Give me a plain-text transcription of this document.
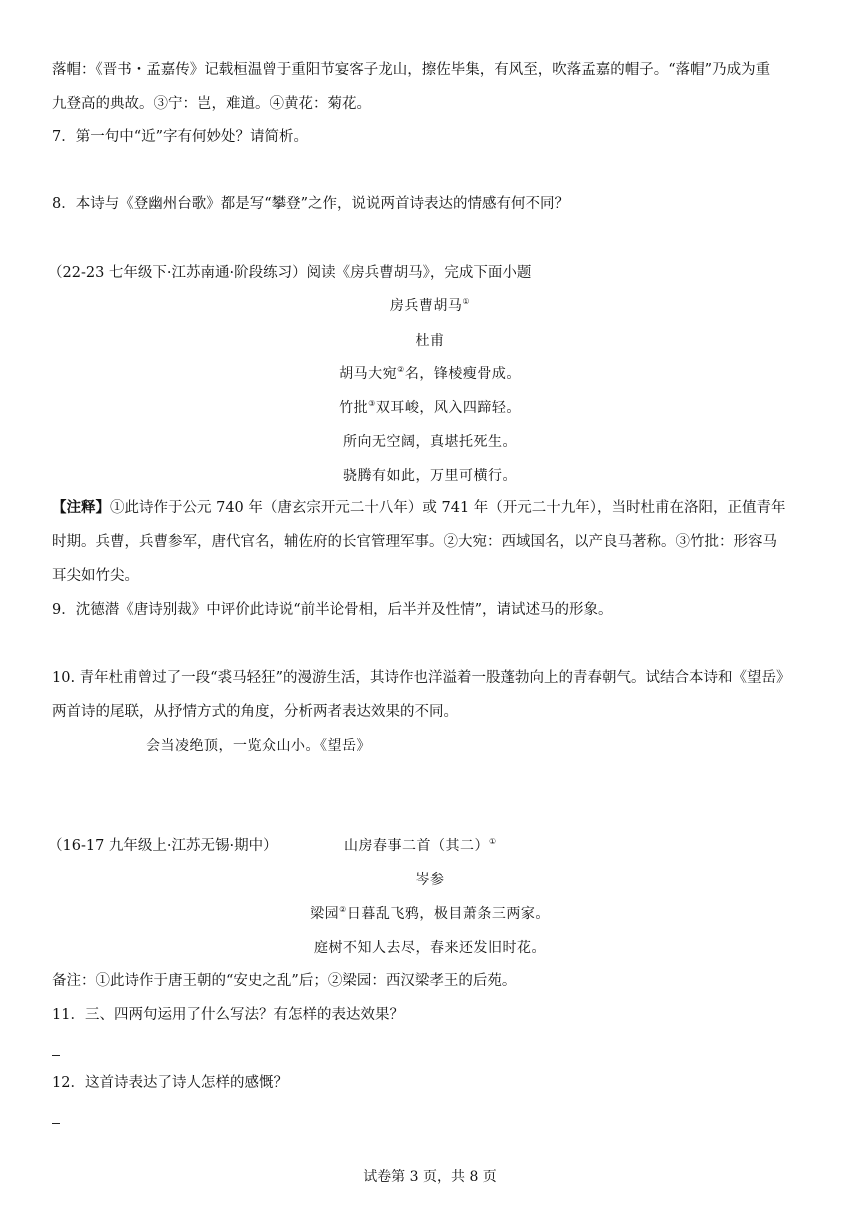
落帽：《晋书・孟嘉传》记载桓温曾于重阳节宴客子龙山，擦佐毕集，有风至，吹落孟嘉的帽子。“落帽”乃成为重
九登高的典故。③宁：岂，难道。④黄花：菊花。
7．第一句中“近”字有何妙处？请简析。
8．本诗与《登幽州台歌》都是写“攀登”之作，说说两首诗表达的情感有何不同？
（22-23 七年级下·江苏南通·阶段练习）阅读《房兵曹胡马》，完成下面小题
房兵曹胡马①
杜甫
胡马大宛②名，锋棱瘦骨成。
竹批③双耳峻，风入四蹄轻。
所向无空阔，真堪托死生。
骁腾有如此，万里可横行。
【注释】①此诗作于公元 740 年（唐玄宗开元二十八年）或 741 年（开元二十九年），当时杜甫在洛阳，正值青年
时期。兵曹，兵曹参军，唐代官名，辅佐府的长官管理军事。②大宛：西域国名，以产良马著称。③竹批：形容马
耳尖如竹尖。
9．沈德潜《唐诗别裁》中评价此诗说“前半论骨相，后半并及性情”，请试述马的形象。
10. 青年杜甫曾过了一段“裘马轻狂”的漫游生活，其诗作也洋溢着一股蓬勃向上的青春朝气。试结合本诗和《望岳》
两首诗的尾联，从抒情方式的角度，分析两者表达效果的不同。
会当凌绝顶，一览众山小。《望岳》
（16-17 九年级上·江苏无锡·期中）	山房春事二首（其二）①
岑参
梁园②日暮乱飞鸦，极目萧条三两家。
庭树不知人去尽，春来还发旧时花。
备注：①此诗作于唐王朝的“安史之乱”后；②梁园：西汉梁孝王的后苑。
11．三、四两句运用了什么写法？有怎样的表达效果？
12．这首诗表达了诗人怎样的感慨？
试卷第 3 页，共 8 页
